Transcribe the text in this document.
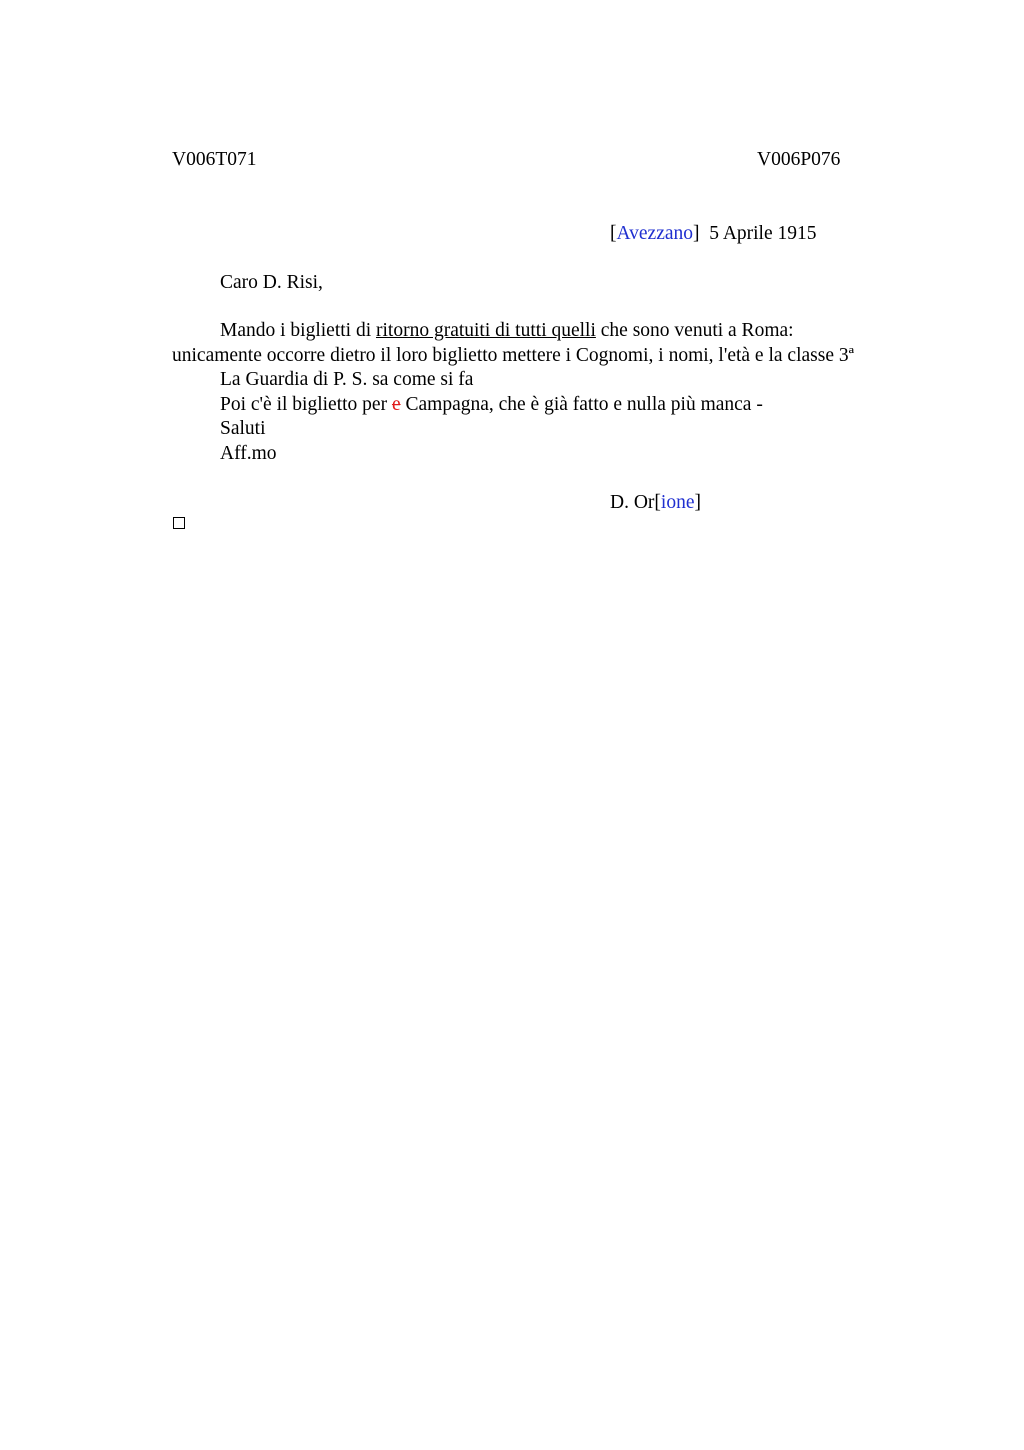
V006T071	V006P076
[Avezzano] 5 Aprile 1915
Caro D. Risi,
Mando i biglietti di ritorno gratuiti di tutti quelli che sono venuti a Roma:
unicamente occorre dietro il loro biglietto mettere i Cognomi, i nomi, l'età e la classe 3ª
La Guardia di P. S. sa come si fa
Poi c'è il biglietto per e Campagna, che è già fatto e nulla più manca -
Saluti
Aff.mo
D. Or[ione]
